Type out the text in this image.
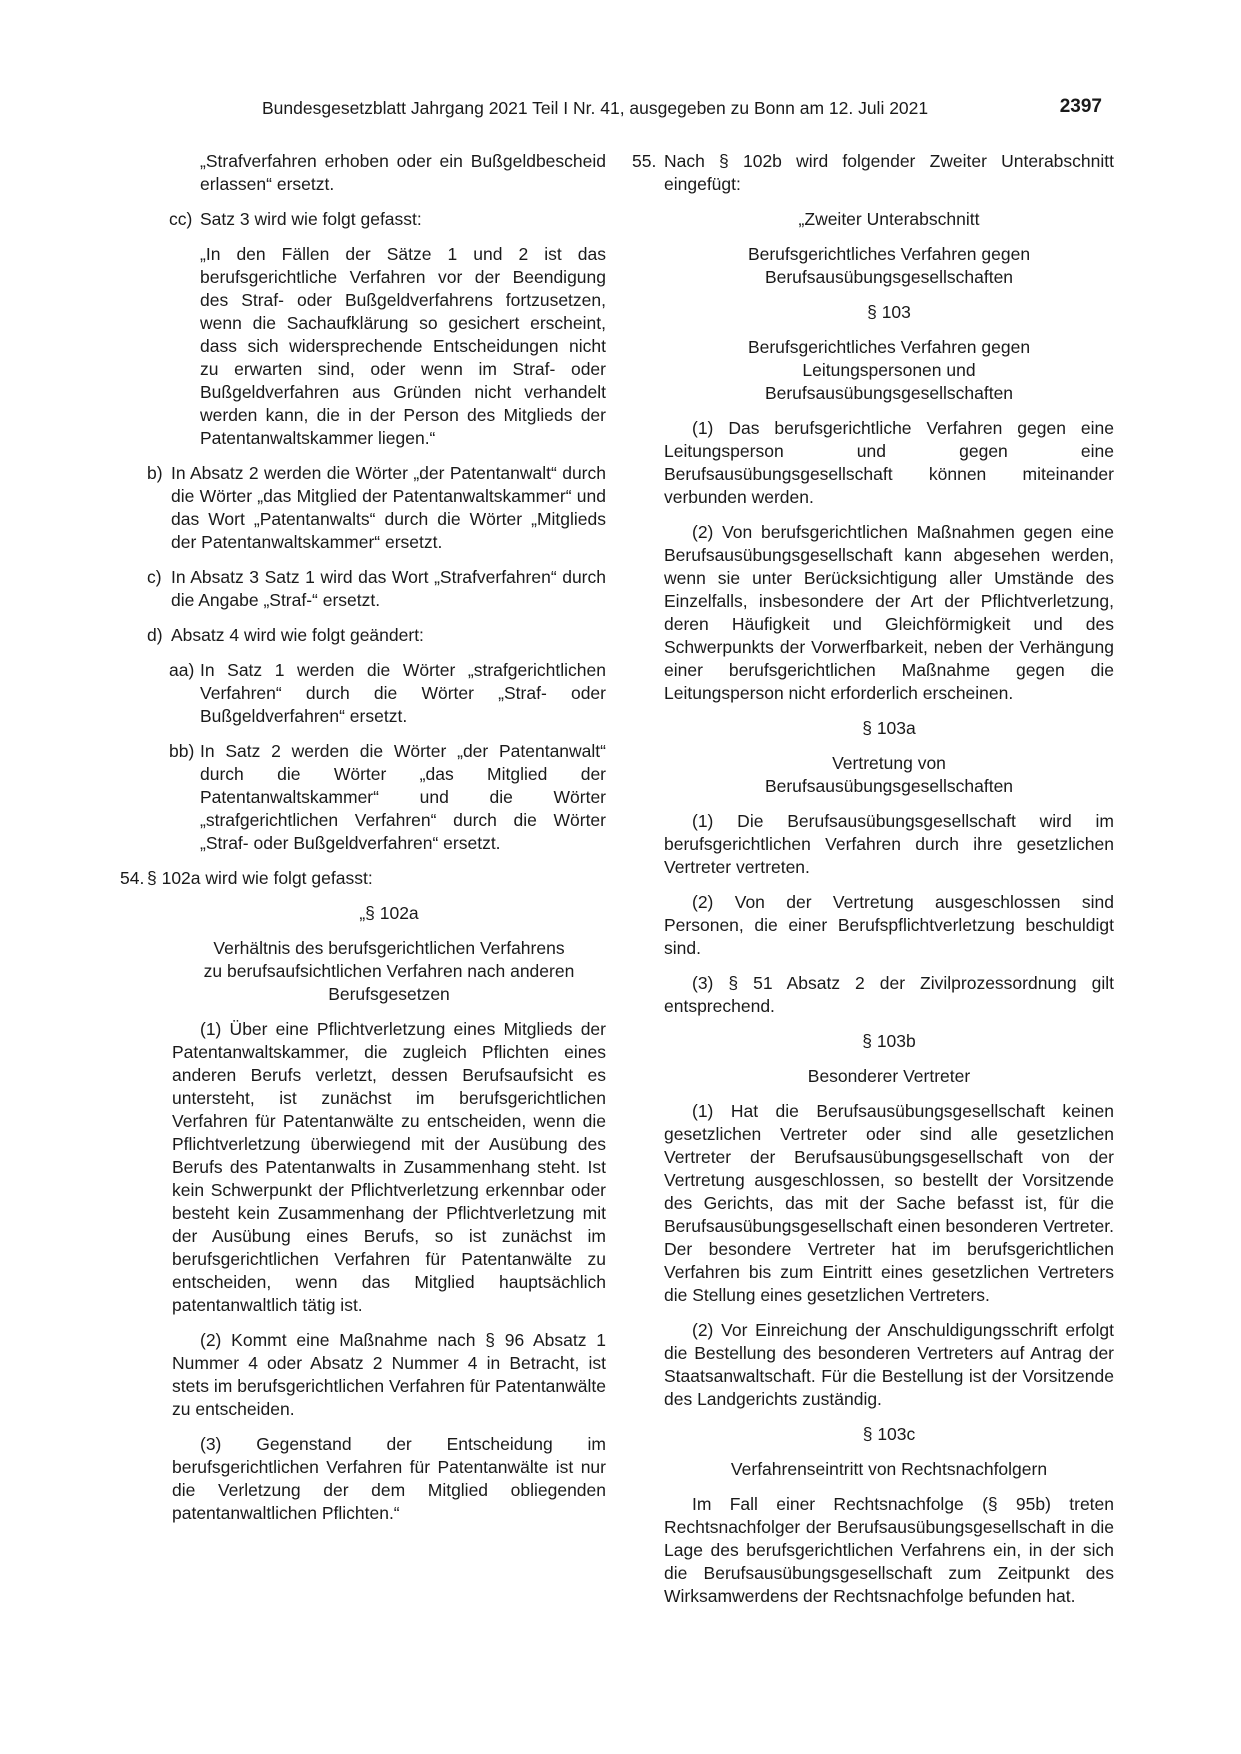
Bundesgesetzblatt Jahrgang 2021 Teil I Nr. 41, ausgegeben zu Bonn am 12. Juli 2021	2397

„Strafverfahren erhoben oder ein Bußgeldbescheid erlassen“ ersetzt.

cc) Satz 3 wird wie folgt gefasst:

„In den Fällen der Sätze 1 und 2 ist das berufsgerichtliche Verfahren vor der Beendigung des Straf- oder Bußgeldverfahrens fortzusetzen, wenn die Sachaufklärung so gesichert erscheint, dass sich widersprechende Entscheidungen nicht zu erwarten sind, oder wenn im Straf- oder Bußgeldverfahren aus Gründen nicht verhandelt werden kann, die in der Person des Mitglieds der Patentanwaltskammer liegen.“

b) In Absatz 2 werden die Wörter „der Patentanwalt“ durch die Wörter „das Mitglied der Patentanwaltskammer“ und das Wort „Patentanwalts“ durch die Wörter „Mitglieds der Patentanwaltskammer“ ersetzt.
c) In Absatz 3 Satz 1 wird das Wort „Strafverfahren“ durch die Angabe „Straf-“ ersetzt.
d) Absatz 4 wird wie folgt geändert:
aa) In Satz 1 werden die Wörter „strafgerichtlichen Verfahren“ durch die Wörter „Straf- oder Bußgeldverfahren“ ersetzt.
bb) In Satz 2 werden die Wörter „der Patentanwalt“ durch die Wörter „das Mitglied der Patentanwaltskammer“ und die Wörter „strafgerichtlichen Verfahren“ durch die Wörter „Straf- oder Bußgeldverfahren“ ersetzt.
54. § 102a wird wie folgt gefasst:

„§ 102a

Verhältnis des berufsgerichtlichen Verfahrens zu berufsaufsichtlichen Verfahren nach anderen Berufsgesetzen

(1) Über eine Pflichtverletzung eines Mitglieds der Patentanwaltskammer, die zugleich Pflichten eines anderen Berufs verletzt, dessen Berufsaufsicht es untersteht, ist zunächst im berufsgerichtlichen Verfahren für Patentanwälte zu entscheiden, wenn die Pflichtverletzung überwiegend mit der Ausübung des Berufs des Patentanwalts in Zusammenhang steht. Ist kein Schwerpunkt der Pflichtverletzung erkennbar oder besteht kein Zusammenhang der Pflichtverletzung mit der Ausübung eines Berufs, so ist zunächst im berufsgerichtlichen Verfahren für Patentanwälte zu entscheiden, wenn das Mitglied hauptsächlich patentanwaltlich tätig ist.

(2) Kommt eine Maßnahme nach § 96 Absatz 1 Nummer 4 oder Absatz 2 Nummer 4 in Betracht, ist stets im berufsgerichtlichen Verfahren für Patentanwälte zu entscheiden.

(3) Gegenstand der Entscheidung im berufsgerichtlichen Verfahren für Patentanwälte ist nur die Verletzung der dem Mitglied obliegenden patentanwaltlichen Pflichten.“

55. Nach § 102b wird folgender Zweiter Unterabschnitt eingefügt:

„Zweiter Unterabschnitt

Berufsgerichtliches Verfahren gegen Berufsausübungsgesellschaften

§ 103

Berufsgerichtliches Verfahren gegen Leitungspersonen und Berufsausübungsgesellschaften

(1) Das berufsgerichtliche Verfahren gegen eine Leitungsperson und gegen eine Berufsausübungsgesellschaft können miteinander verbunden werden.

(2) Von berufsgerichtlichen Maßnahmen gegen eine Berufsausübungsgesellschaft kann abgesehen werden, wenn sie unter Berücksichtigung aller Umstände des Einzelfalls, insbesondere der Art der Pflichtverletzung, deren Häufigkeit und Gleichförmigkeit und des Schwerpunkts der Vorwerfbarkeit, neben der Verhängung einer berufsgerichtlichen Maßnahme gegen die Leitungsperson nicht erforderlich erscheinen.

§ 103a

Vertretung von Berufsausübungsgesellschaften

(1) Die Berufsausübungsgesellschaft wird im berufsgerichtlichen Verfahren durch ihre gesetzlichen Vertreter vertreten.

(2) Von der Vertretung ausgeschlossen sind Personen, die einer Berufspflichtverletzung beschuldigt sind.

(3) § 51 Absatz 2 der Zivilprozessordnung gilt entsprechend.

§ 103b

Besonderer Vertreter

(1) Hat die Berufsausübungsgesellschaft keinen gesetzlichen Vertreter oder sind alle gesetzlichen Vertreter der Berufsausübungsgesellschaft von der Vertretung ausgeschlossen, so bestellt der Vorsitzende des Gerichts, das mit der Sache befasst ist, für die Berufsausübungsgesellschaft einen besonderen Vertreter. Der besondere Vertreter hat im berufsgerichtlichen Verfahren bis zum Eintritt eines gesetzlichen Vertreters die Stellung eines gesetzlichen Vertreters.

(2) Vor Einreichung der Anschuldigungsschrift erfolgt die Bestellung des besonderen Vertreters auf Antrag der Staatsanwaltschaft. Für die Bestellung ist der Vorsitzende des Landgerichts zuständig.

§ 103c

Verfahrenseintritt von Rechtsnachfolgern

Im Fall einer Rechtsnachfolge (§ 95b) treten Rechtsnachfolger der Berufsausübungsgesellschaft in die Lage des berufsgerichtlichen Verfahrens ein, in der sich die Berufsausübungsgesellschaft zum Zeitpunkt des Wirksamwerdens der Rechtsnachfolge befunden hat.
